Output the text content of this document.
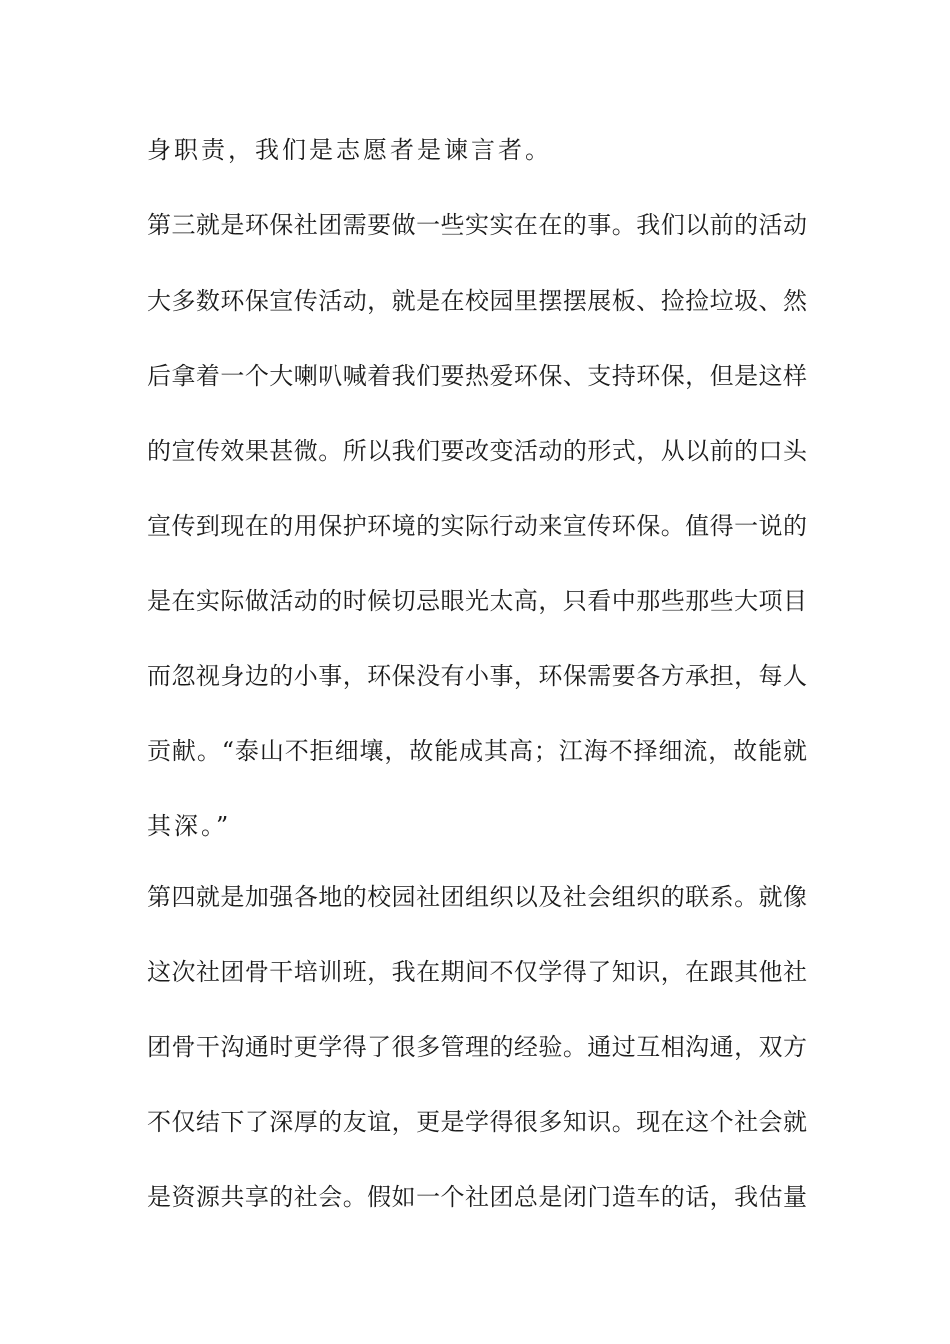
身职责，我们是志愿者是谏言者。
第三就是环保社团需要做一些实实在在的事。我们以前的活动
大多数环保宣传活动，就是在校园里摆摆展板、捡捡垃圾、然
后拿着一个大喇叭喊着我们要热爱环保、支持环保，但是这样
的宣传效果甚微。所以我们要改变活动的形式，从以前的口头
宣传到现在的用保护环境的实际行动来宣传环保。值得一说的
是在实际做活动的时候切忌眼光太高，只看中那些那些大项目
而忽视身边的小事，环保没有小事，环保需要各方承担，每人
贡献。“泰山不拒细壤，故能成其高；江海不择细流，故能就
其深。”
第四就是加强各地的校园社团组织以及社会组织的联系。就像
这次社团骨干培训班，我在期间不仅学得了知识，在跟其他社
团骨干沟通时更学得了很多管理的经验。通过互相沟通，双方
不仅结下了深厚的友谊，更是学得很多知识。现在这个社会就
是资源共享的社会。假如一个社团总是闭门造车的话，我估量
